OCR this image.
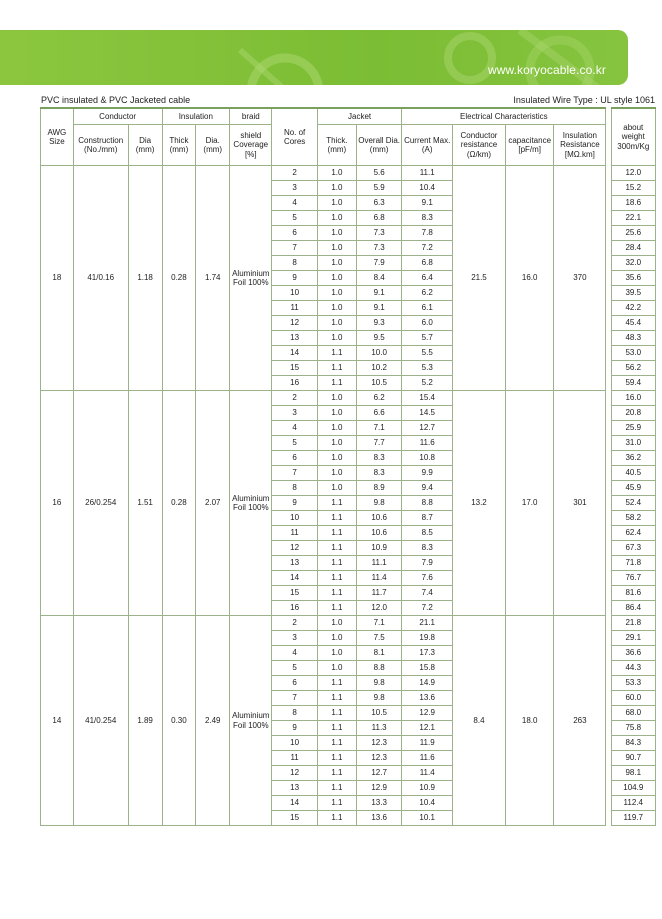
www.koryocable.co.kr
PVC insulated & PVC Jacketed cable	Insulated Wire Type : UL style 1061
AWG Size	Conductor		Insulation		braid	No. of Cores	Jacket		Electrical Characteristics					about
weight 300m/Kg
	Construction (No./mm)	Dia (mm)	Thick (mm)	Dia. (mm)	shield Coverage [%]		Thick. (mm)	Overall Dia.(mm)	Current Max.(A)	Conductor resistance (Ω/km)	capacitance [pF/m]	Insulation Resistance [MΩ.km]		
18	41/0.16	1.18	0.28	1.74	Aluminium Foil 100%	2	1.0	5.6	11.1	21.5	16.0	370		12.0
						3	1.0	5.9	10.4					15.2
						4	1.0	6.3	9.1					18.6
						5	1.0	6.8	8.3					22.1
						6	1.0	7.3	7.8					25.6
						7	1.0	7.3	7.2					28.4
						8	1.0	7.9	6.8					32.0
						9	1.0	8.4	6.4					35.6
						10	1.0	9.1	6.2					39.5
						11	1.0	9.1	6.1					42.2
						12	1.0	9.3	6.0					45.4
						13	1.0	9.5	5.7					48.3
						14	1.1	10.0	5.5					53.0
						15	1.1	10.2	5.3					56.2
						16	1.1	10.5	5.2					59.4
16	26/0.254	1.51	0.28	2.07	Aluminium Foil 100%	2	1.0	6.2	15.4	13.2	17.0	301		16.0
						3	1.0	6.6	14.5					20.8
						4	1.0	7.1	12.7					25.9
						5	1.0	7.7	11.6					31.0
						6	1.0	8.3	10.8					36.2
						7	1.0	8.3	9.9					40.5
						8	1.0	8.9	9.4					45.9
						9	1.1	9.8	8.8					52.4
						10	1.1	10.6	8.7					58.2
						11	1.1	10.6	8.5					62.4
						12	1.1	10.9	8.3					67.3
						13	1.1	11.1	7.9					71.8
						14	1.1	11.4	7.6					76.7
						15	1.1	11.7	7.4					81.6
						16	1.1	12.0	7.2					86.4
14	41/0.254	1.89	0.30	2.49	Aluminium Foil 100%	2	1.0	7.1	21.1	8.4	18.0	263		21.8
						3	1.0	7.5	19.8					29.1
						4	1.0	8.1	17.3					36.6
						5	1.0	8.8	15.8					44.3
						6	1.1	9.8	14.9					53.3
						7	1.1	9.8	13.6					60.0
						8	1.1	10.5	12.9					68.0
						9	1.1	11.3	12.1					75.8
						10	1.1	12.3	11.9					84.3
						11	1.1	12.3	11.6					90.7
						12	1.1	12.7	11.4					98.1
						13	1.1	12.9	10.9					104.9
						14	1.1	13.3	10.4					112.4
						15	1.1	13.6	10.1					119.7
